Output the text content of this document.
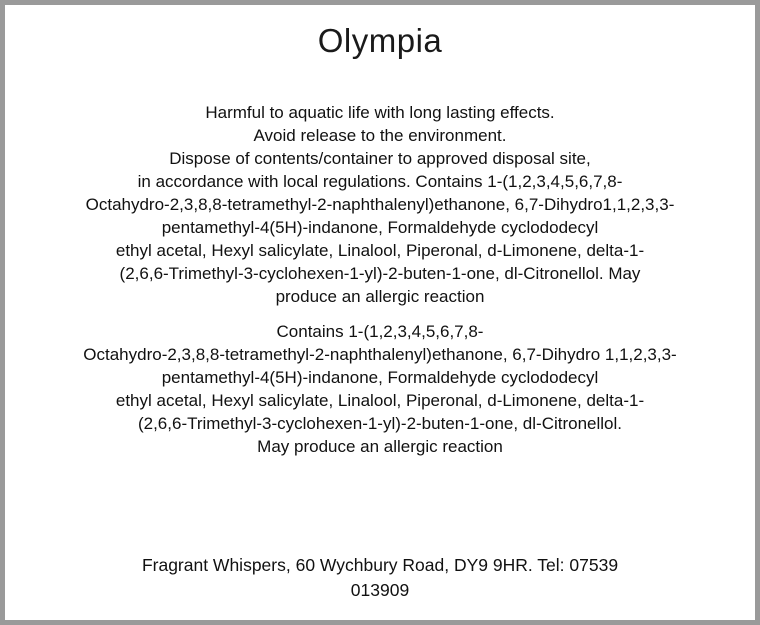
Olympia
Harmful to aquatic life with long lasting effects.
Avoid release to the environment.
Dispose of contents/container to approved disposal site,
in accordance with local regulations. Contains 1-(1,2,3,4,5,6,7,8-
Octahydro-2,3,8,8-tetramethyl-2-naphthalenyl)ethanone, 6,7-Dihydro1,1,2,3,3-
pentamethyl-4(5H)-indanone, Formaldehyde cyclododecyl
ethyl acetal, Hexyl salicylate, Linalool, Piperonal, d-Limonene, delta-1-
(2,6,6-Trimethyl-3-cyclohexen-1-yl)-2-buten-1-one, dl-Citronellol. May
produce an allergic reaction
Contains 1-(1,2,3,4,5,6,7,8-
Octahydro-2,3,8,8-tetramethyl-2-naphthalenyl)ethanone, 6,7-Dihydro 1,1,2,3,3-
pentamethyl-4(5H)-indanone, Formaldehyde cyclododecyl
ethyl acetal, Hexyl salicylate, Linalool, Piperonal, d-Limonene, delta-1-
(2,6,6-Trimethyl-3-cyclohexen-1-yl)-2-buten-1-one, dl-Citronellol.
May produce an allergic reaction
Fragrant Whispers, 60 Wychbury Road, DY9 9HR. Tel: 07539
013909
